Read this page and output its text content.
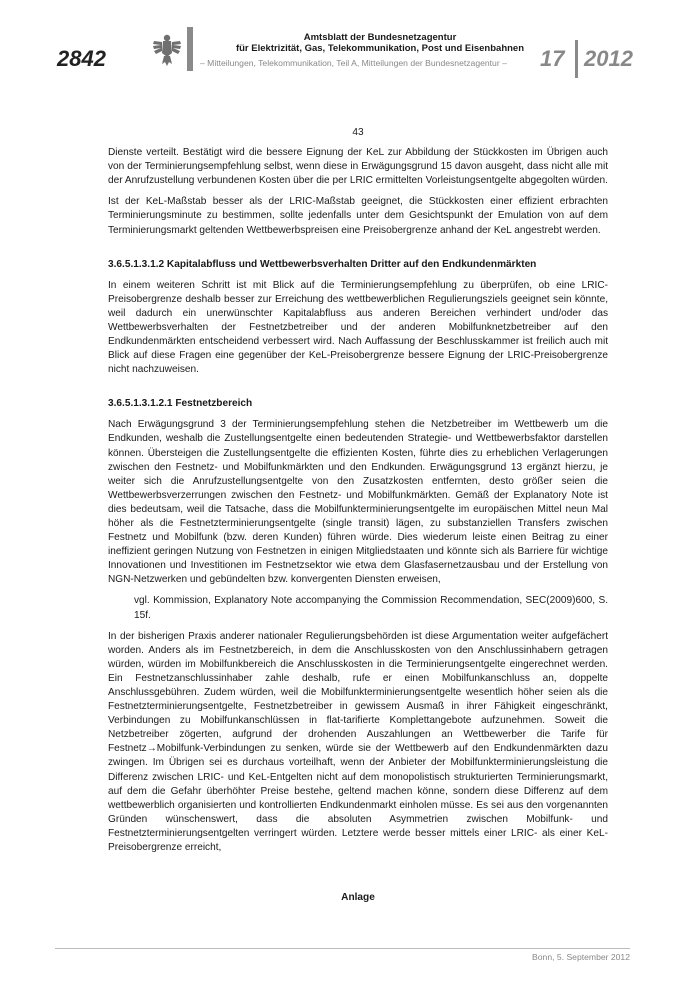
2842
Amtsblatt der Bundesnetzagentur
für Elektrizität, Gas, Telekommunikation, Post und Eisenbahnen
– Mitteilungen, Telekommunikation, Teil A, Mitteilungen der Bundesnetzagentur –	17 2012
43

Dienste verteilt. Bestätigt wird die bessere Eignung der KeL zur Abbildung der Stückkosten im Übrigen auch von der Terminierungsempfehlung selbst, wenn diese in Erwägungsgrund 15 davon ausgeht, dass nicht alle mit der Anrufzustellung verbundenen Kosten über die per LRIC ermittelten Vorleistungsentgelte abgegolten würden.

Ist der KeL-Maßstab besser als der LRIC-Maßstab geeignet, die Stückkosten einer effizient erbrachten Terminierungsminute zu bestimmen, sollte jedenfalls unter dem Gesichtspunkt der Emulation von auf dem Terminierungsmarkt geltenden Wettbewerbspreisen eine Preisobergrenze anhand der KeL angestrebt werden.

3.6.5.1.3.1.2 Kapitalabfluss und Wettbewerbsverhalten Dritter auf den Endkundenmärkten

In einem weiteren Schritt ist mit Blick auf die Terminierungsempfehlung zu überprüfen, ob eine LRIC-Preisobergrenze deshalb besser zur Erreichung des wettbewerblichen Regulierungsziels geeignet sein könnte, weil dadurch ein unerwünschter Kapitalabfluss aus anderen Bereichen verhindert und/oder das Wettbewerbsverhalten der Festnetzbetreiber und der anderen Mobilfunknetzbetreiber auf den Endkundenmärkten entscheidend verbessert wird. Nach Auffassung der Beschlusskammer ist freilich auch mit Blick auf diese Fragen eine gegenüber der KeL-Preisobergrenze bessere Eignung der LRIC-Preisobergrenze nicht nachzuweisen.

3.6.5.1.3.1.2.1 Festnetzbereich

Nach Erwägungsgrund 3 der Terminierungsempfehlung stehen die Netzbetreiber im Wettbewerb um die Endkunden, weshalb die Zustellungsentgelte einen bedeutenden Strategie- und Wettbewerbsfaktor darstellen können. Übersteigen die Zustellungsentgelte die effizienten Kosten, führte dies zu erheblichen Verlagerungen zwischen den Festnetz- und Mobilfunkmärkten und den Endkunden. Erwägungsgrund 13 ergänzt hierzu, je weiter sich die Anrufzustellungsentgelte von den Zusatzkosten entfernten, desto größer seien die Wettbewerbsverzerrungen zwischen den Festnetz- und Mobilfunkmärkten. Gemäß der Explanatory Note ist dies bedeutsam, weil die Tatsache, dass die Mobilfunkterminierungsentgelte im europäischen Mittel neun Mal höher als die Festnetzterminierungsentgelte (single transit) lägen, zu substanziellen Transfers zwischen Festnetz und Mobilfunk (bzw. deren Kunden) führen würde. Dies wiederum leiste einen Beitrag zu einer ineffizient geringen Nutzung von Festnetzen in einigen Mitgliedstaaten und könnte sich als Barriere für wichtige Innovationen und Investitionen im Festnetzsektor wie etwa dem Glasfasernetzausbau und der Erstellung von NGN-Netzwerken und gebündelten bzw. konvergenten Diensten erweisen,

vgl. Kommission, Explanatory Note accompanying the Commission Recommendation, SEC(2009)600, S. 15f.

In der bisherigen Praxis anderer nationaler Regulierungsbehörden ist diese Argumentation weiter aufgefächert worden. Anders als im Festnetzbereich, in dem die Anschlusskosten von den Anschlussinhabern getragen würden, würden im Mobilfunkbereich die Anschlusskosten in die Terminierungsentgelte eingerechnet werden. Ein Festnetzanschlussinhaber zahle deshalb, rufe er einen Mobilfunkanschluss an, doppelte Anschlussgebühren. Zudem würden, weil die Mobilfunkterminierungsentgelte wesentlich höher seien als die Festnetzterminierungsentgelte, Festnetzbetreiber in gewissem Ausmaß in ihrer Fähigkeit eingeschränkt, Verbindungen zu Mobilfunkanschlüssen in flat-tarifierte Komplettangebote aufzunehmen. Soweit die Netzbetreiber zögerten, aufgrund der drohenden Auszahlungen an Wettbewerber die Tarife für Festnetz→Mobilfunk-Verbindungen zu senken, würde sie der Wettbewerb auf den Endkundenmärkten dazu zwingen. Im Übrigen sei es durchaus vorteilhaft, wenn der Anbieter der Mobilfunkterminierungsleistung die Differenz zwischen LRIC- und KeL-Entgelten nicht auf dem monopolistisch strukturierten Terminierungsmarkt, auf dem die Gefahr überhöhter Preise bestehe, geltend machen könne, sondern diese Differenz auf dem wettbewerblich organisierten und kontrollierten Endkundenmarkt einholen müsse. Es sei aus den vorgenannten Gründen wünschenswert, dass die absoluten Asymmetrien zwischen Mobilfunk- und Festnetzterminierungsentgelten verringert würden. Letztere werde besser mittels einer LRIC- als einer KeL-Preisobergrenze erreicht,

Anlage
Bonn, 5. September 2012
